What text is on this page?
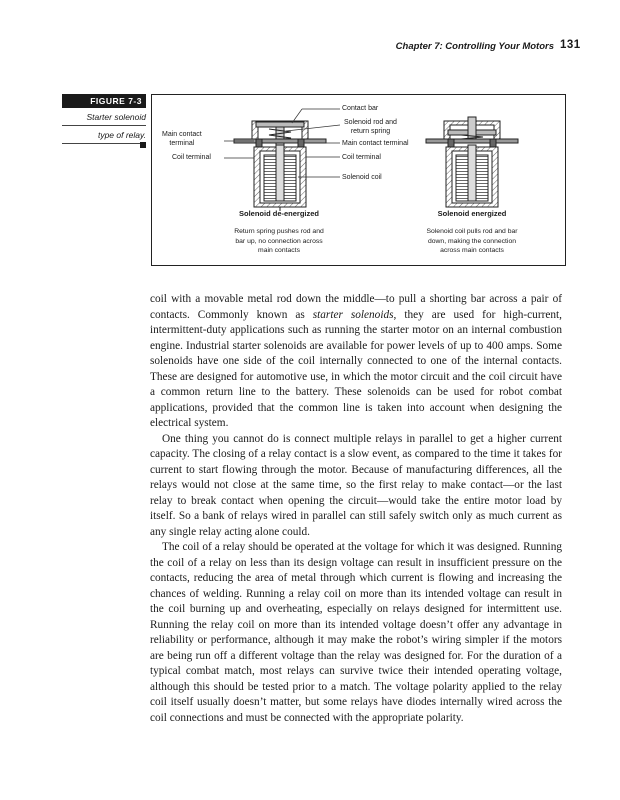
Chapter 7: Controlling Your Motors 131
FIGURE 7-3
Starter solenoid
type of relay. Main contact
terminal
Coil terminal
Contact bar
Solenoid rod and
return spring
Main contact terminal
Coil terminal
Solenoid coil
Solenoid de-energized
Return spring pushes rod and
bar up, no connection across
main contacts
Solenoid energized
Solenoid coil pulls rod and bar
down, making the connection
across main contacts

coil with a movable metal rod down the middle—to pull a shorting bar across a pair of contacts. Commonly known as starter solenoids, they are used for high-current, intermittent-duty applications such as running the starter motor on an internal combustion engine. Industrial starter solenoids are available for power levels of up to 400 amps. Some solenoids have one side of the coil internally connected to one of the internal contacts. These are designed for automotive use, in which the motor circuit and the coil circuit have a common return line to the battery. These solenoids can be used for robot combat applications, provided that the common line is taken into account when designing the electrical system.

One thing you cannot do is connect multiple relays in parallel to get a higher current capacity. The closing of a relay contact is a slow event, as compared to the time it takes for current to start flowing through the motor. Because of manufacturing differences, all the relays would not close at the same time, so the first relay to make contact—or the last relay to break contact when opening the circuit—would take the entire motor load by itself. So a bank of relays wired in parallel can still safely switch only as much current as any single relay acting alone could.

The coil of a relay should be operated at the voltage for which it was designed. Running the coil of a relay on less than its design voltage can result in insufficient pressure on the contacts, reducing the area of metal through which current is flowing and increasing the chances of welding. Running a relay coil on more than its intended voltage can result in the coil burning up and overheating, especially on relays designed for intermittent use. Running the relay coil on more than its intended voltage doesn’t offer any advantage in reliability or performance, although it may make the robot’s wiring simpler if the motors are being run off a different voltage than the relay was designed for. For the duration of a typical combat match, most relays can survive twice their intended operating voltage, although this should be tested prior to a match. The voltage polarity applied to the relay coil itself usually doesn’t matter, but some relays have diodes internally wired across the coil connections and must be connected with the appropriate polarity.
